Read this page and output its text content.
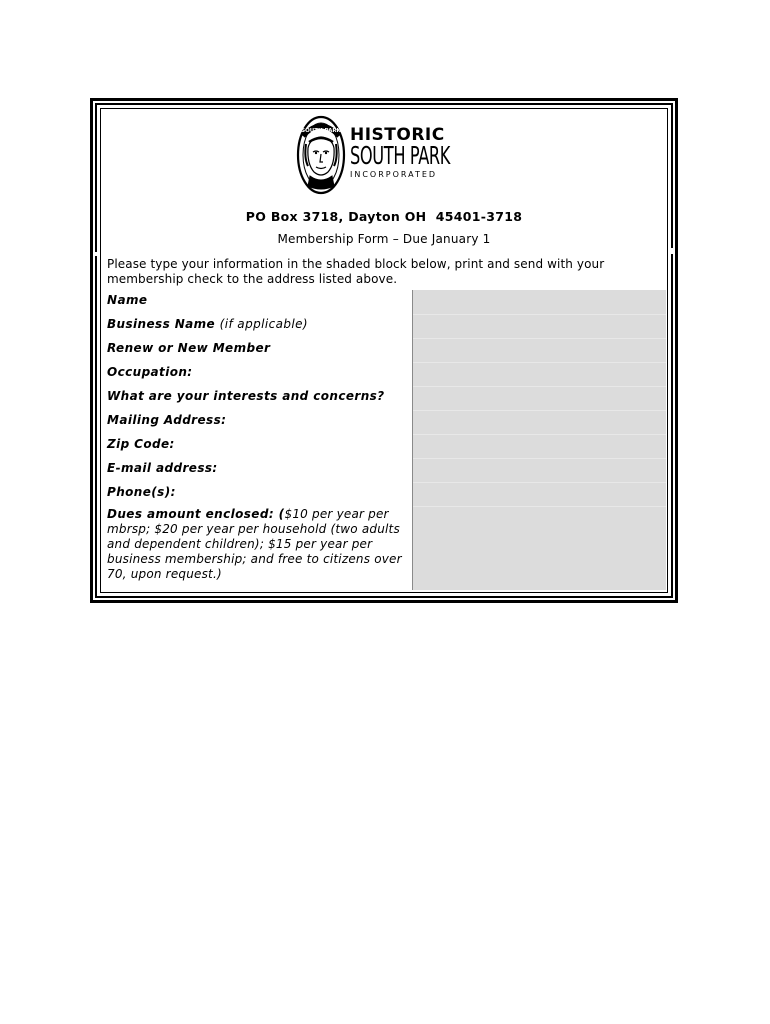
SOUTH PARK HISTORIC
SOUTH PARK
INCORPORATED
PO Box 3718, Dayton OH  45401-3718
Membership Form – Due January 1
Please type your information in the shaded block below, print and send with your membership check to the address listed above.
Name
Business Name (if applicable)
Renew or New Member
Occupation:
What are your interests and concerns?
Mailing Address:
Zip Code:
E-mail address:
Phone(s):
Dues amount enclosed: ($10 per year per mbrsp; $20 per year per household (two adults and dependent children); $15 per year per business membership; and free to citizens over 70, upon request.)
